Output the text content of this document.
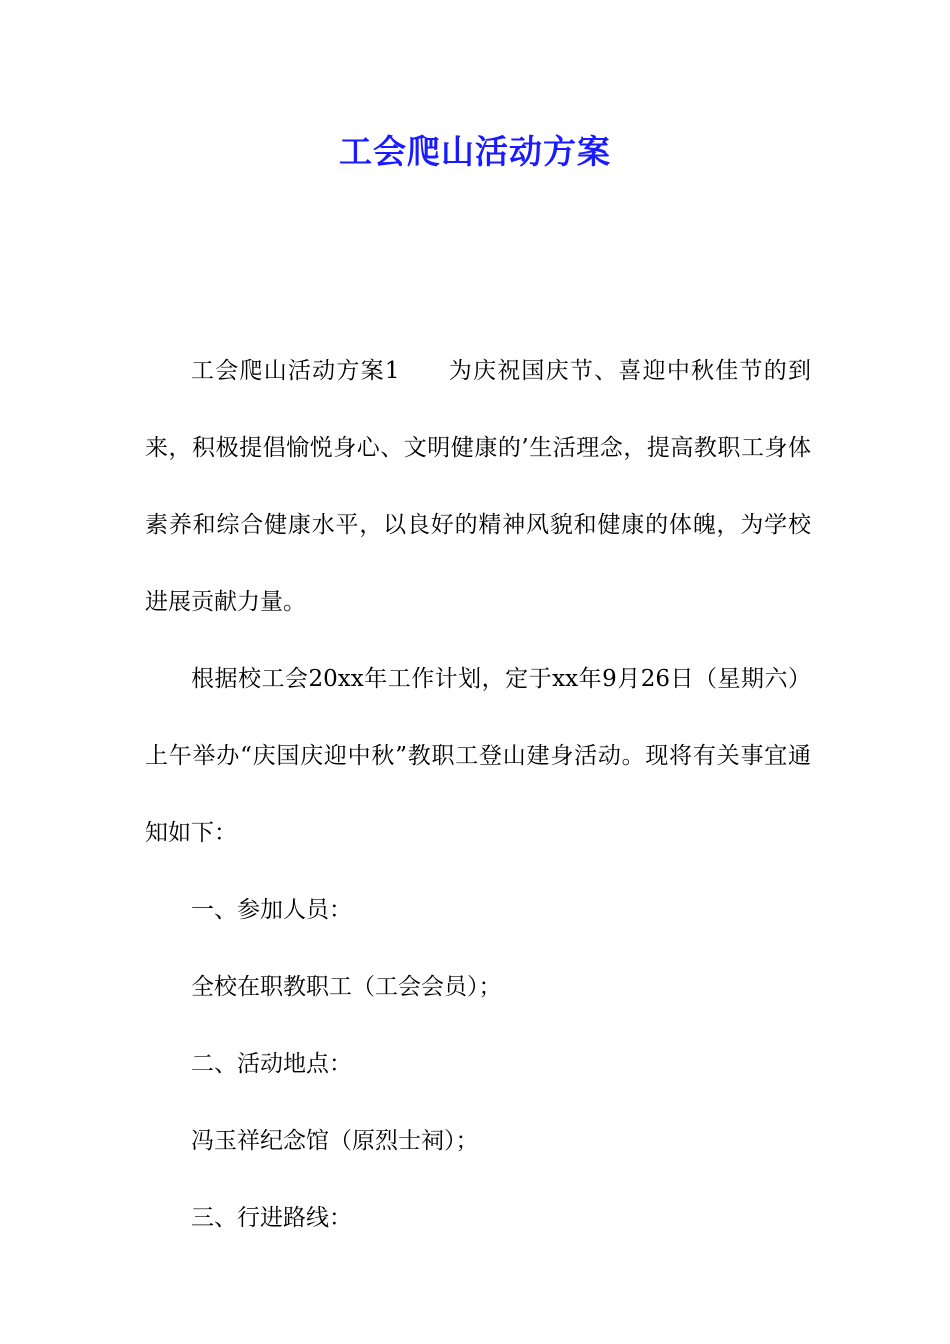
工会爬山活动方案

工会爬山活动方案1 为庆祝国庆节、喜迎中秋佳节的到来，积极提倡愉悦身心、文明健康的’生活理念，提高教职工身体素养和综合健康水平，以良好的精神风貌和健康的体魄，为学校进展贡献力量。

根据校工会20xx年工作计划，定于xx年9月26日（星期六）上午举办“庆国庆迎中秋”教职工登山建身活动。现将有关事宜通知如下：

一、参加人员：

全校在职教职工（工会会员）；

二、活动地点：

冯玉祥纪念馆（原烈士祠）；

三、行进路线：
